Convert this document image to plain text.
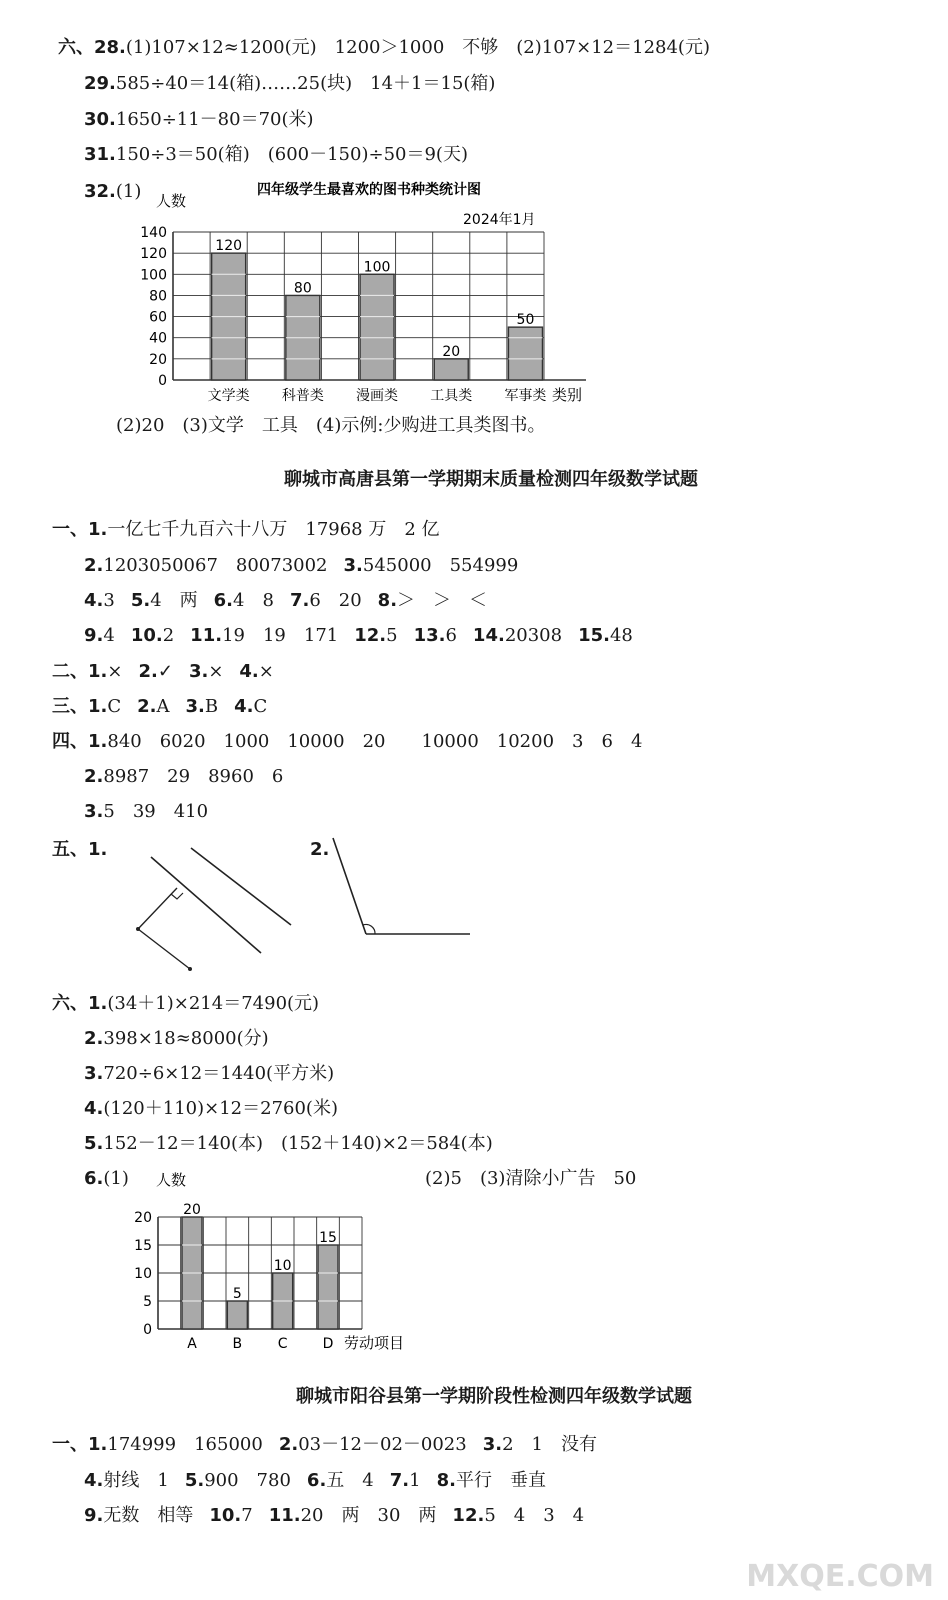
六、28.(1)107×12≈1200(元)　1200＞1000　不够　(2)107×12＝1284(元)
29.585÷40＝14(箱)……25(块)　14＋1＝15(箱)
30.1650÷11－80＝70(米)
31.150÷3＝50(箱)　(600－150)÷50＝9(天)
32.(1)
0
20
40
60
80
100
120
140
120
文学类
80
科普类
100
漫画类
20
工具类
50
军事类
人数
类别
四年级学生最喜欢的图书种类统计图
2024年1月
(2)20　(3)文学　工具　(4)示例:少购进工具类图书。
聊城市高唐县第一学期期末质量检测四年级数学试题
一、1.一亿七千九百六十八万　17968 万　2 亿
2.1203050067　80073002 3.545000　554999
4.3 5.4　两 6.4　8 7.6　20 8.＞　＞　＜
9.4 10.2 11.19　19　171 12.5 13.6 14.20308 15.48
二、1.× 2.✓ 3.× 4.×
三、1.C 2.A 3.B 4.C
四、1.840　6020　1000　10000　20　　10000　10200　3　6　4
2.8987　29　8960　6
3.5　39　410
五、1.	2.
六、1.(34＋1)×214＝7490(元)
2.398×18≈8000(分)
3.720÷6×12＝1440(平方米)
4.(120＋110)×12＝2760(米)
5.152－12＝140(本)　(152＋140)×2＝584(本)
6.(1)	(2)5　(3)清除小广告　50
0
5
10
15
20 20
A
5
B
10
C
15
D
人数
劳动项目
聊城市阳谷县第一学期阶段性检测四年级数学试题
一、1.174999　165000 2.03－12－02－0023 3.2　1　没有
4.射线　1 5.900　780 6.五　4 7.1 8.平行　垂直
9.无数　相等 10.7 11.20　两　30　两 12.5　4　3　4
MXQE.COM
